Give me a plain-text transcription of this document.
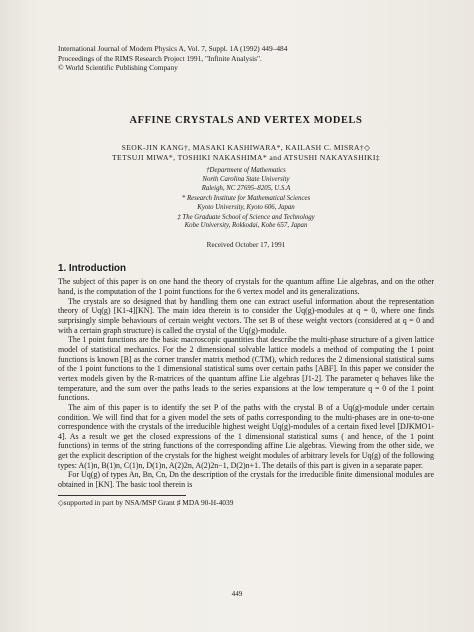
International Journal of Modern Physics A, Vol. 7, Suppl. 1A (1992) 449–484
Proceedings of the RIMS Research Project 1991, "Infinite Analysis".
© World Scientific Publishing Company
AFFINE CRYSTALS AND VERTEX MODELS
SEOK-JIN KANG†, MASAKI KASHIWARA*, KAILASH C. MISRA†◇
TETSUJI MIWA*, TOSHIKI NAKASHIMA* and ATSUSHI NAKAYASHIKI‡
†Department of Mathematics
North Carolina State University
Raleigh, NC 27695–8205, U.S.A
* Research Institute for Mathematical Sciences
Kyoto University, Kyoto 606, Japan
‡ The Graduate School of Science and Technology
Kobe University, Rokkodai, Kobe 657, Japan
Received October 17, 1991
1. Introduction

The subject of this paper is on one hand the theory of crystals for the quantum affine Lie algebras, and on the other hand, is the computation of the 1 point functions for the 6 vertex model and its generalizations.

The crystals are so designed that by handling them one can extract useful information about the representation theory of Uq(g) [K1-4][KN]. The main idea therein is to consider the Uq(g)-modules at q = 0, where one finds surprisingly simple behaviours of certain weight vectors. The set B of these weight vectors (considered at q = 0 and with a certain graph structure) is called the crystal of the Uq(g)-module.

The 1 point functions are the basic macroscopic quantities that describe the multi-phase structure of a given lattice model of statistical mechanics. For the 2 dimensional solvable lattice models a method of computing the 1 point functions is known [B] as the corner transfer matrix method (CTM), which reduces the 2 dimensional statistical sums of the 1 point functions to the 1 dimensional statistical sums over certain paths [ABF]. In this paper we consider the vertex models given by the R-matrices of the quantum affine Lie algebras [J1-2]. The parameter q behaves like the temperature, and the sum over the paths leads to the series expansions at the low temperature q = 0 of the 1 point functions.

The aim of this paper is to identify the set P of the paths with the crystal B of a Uq(g)-module under certain condition. We will find that for a given model the sets of paths corresponding to the multi-phases are in one-to-one correspondence with the crystals of the irreducible highest weight Uq(g)-modules of a certain fixed level [DJKMO1-4]. As a result we get the closed expressions of the 1 dimensional statistical sums ( and hence, of the 1 point functions) in terms of the string functions of the corresponding affine Lie algebras. Viewing from the other side, we get the explicit description of the crystals for the highest weight modules of arbitrary levels for Uq(g) of the following types: A(1)n, B(1)n, C(1)n, D(1)n, A(2)2n, A(2)2n−1, D(2)n+1. The details of this part is given in a separate paper.

For Uq(g) of types An, Bn, Cn, Dn the description of the crystals for the irreducible finite dimensional modules are obtained in [KN]. The basic tool therein is

◇supported in part by NSA/MSP Grant ♯ MDA 90-H-4039
449
